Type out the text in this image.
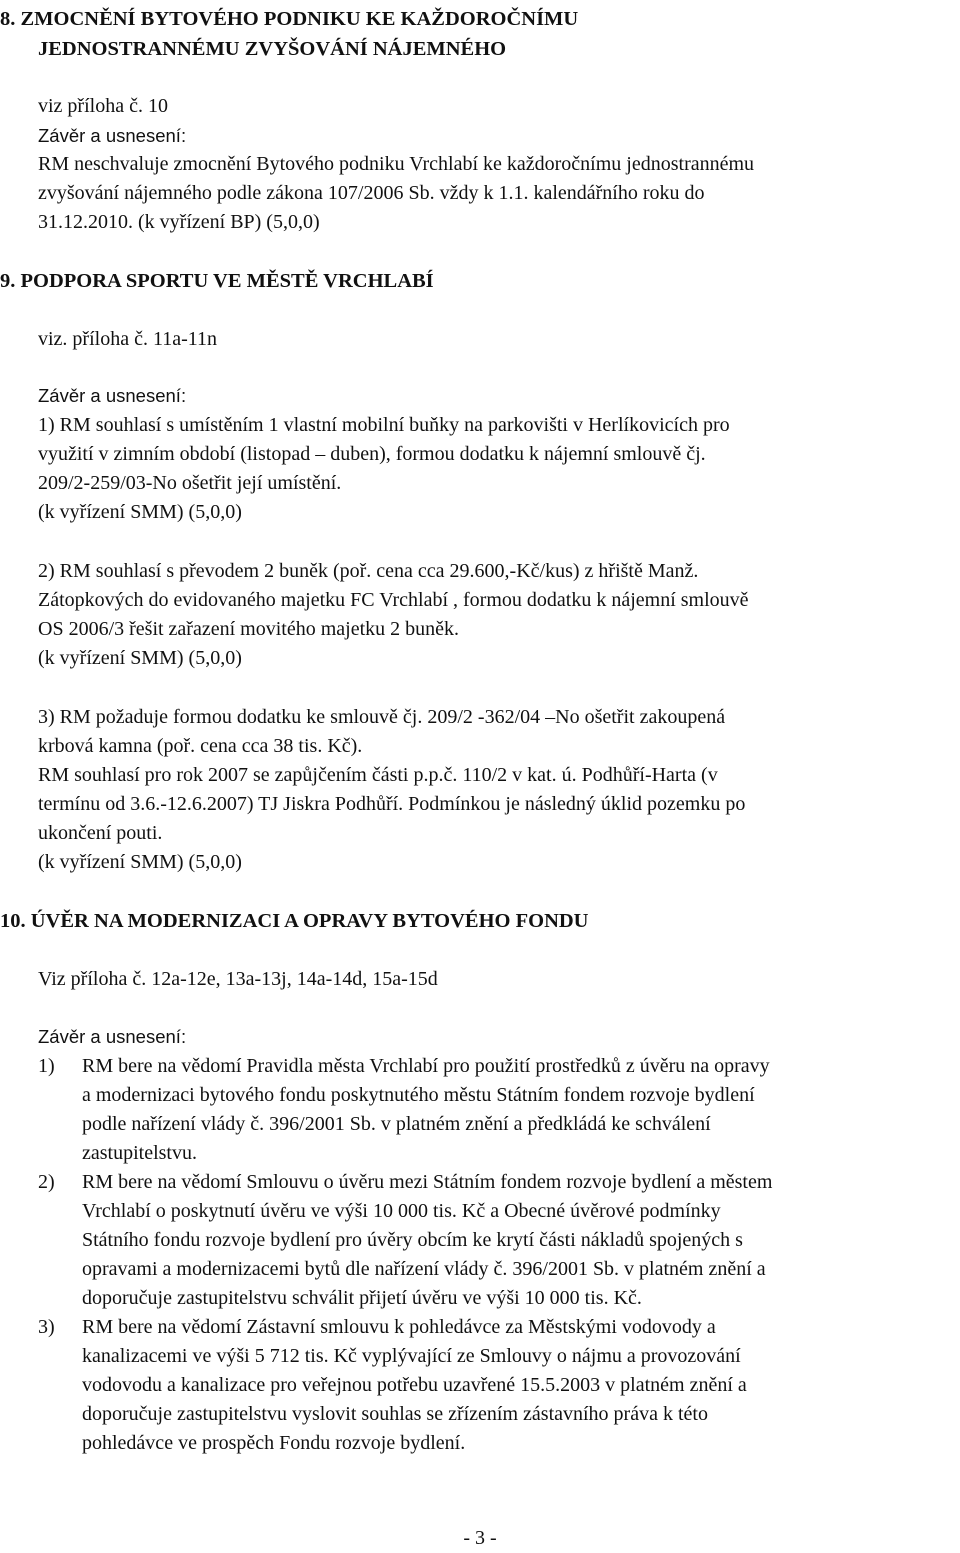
8. ZMOCNĚNÍ BYTOVÉHO PODNIKU KE KAŽDOROČNÍMU
JEDNOSTRANNÉMU ZVYŠOVÁNÍ NÁJEMNÉHO
viz příloha č. 10
Závěr a usnesení:
RM neschvaluje zmocnění Bytového podniku Vrchlabí ke každoročnímu jednostrannému
zvyšování nájemného podle zákona 107/2006 Sb. vždy k 1.1. kalendářního roku do
31.12.2010. (k vyřízení BP) (5,0,0)
9. PODPORA SPORTU VE MĚSTĚ VRCHLABÍ
viz. příloha č. 11a-11n
Závěr a usnesení:
1) RM souhlasí s umístěním 1 vlastní mobilní buňky na parkovišti v Herlíkovicích pro
využití v zimním období (listopad – duben), formou dodatku k nájemní smlouvě čj.
209/2-259/03-No ošetřit její umístění.
(k vyřízení SMM) (5,0,0)
2) RM souhlasí s převodem 2 buněk (poř. cena cca 29.600,-Kč/kus) z hřiště Manž.
Zátopkových do evidovaného majetku FC Vrchlabí , formou dodatku k nájemní smlouvě
OS 2006/3 řešit zařazení movitého majetku 2 buněk.
(k vyřízení SMM) (5,0,0)
3) RM požaduje formou dodatku ke smlouvě čj. 209/2 -362/04 –No ošetřit zakoupená
krbová kamna (poř. cena cca 38 tis. Kč).
RM souhlasí pro rok 2007 se zapůjčením části p.p.č. 110/2 v kat. ú. Podhůří-Harta (v
termínu od 3.6.-12.6.2007) TJ Jiskra Podhůří. Podmínkou je následný úklid pozemku po
ukončení pouti.
(k vyřízení SMM) (5,0,0)
10. ÚVĚR NA MODERNIZACI A OPRAVY BYTOVÉHO FONDU
Viz příloha č. 12a-12e, 13a-13j, 14a-14d, 15a-15d
Závěr a usnesení:
1) RM bere na vědomí Pravidla města Vrchlabí pro použití prostředků z úvěru na opravy
a modernizaci bytového fondu poskytnutého městu Státním fondem rozvoje bydlení
podle nařízení vlády č. 396/2001 Sb. v platném znění a předkládá ke schválení
zastupitelstvu.
2) RM bere na vědomí Smlouvu o úvěru mezi Státním fondem rozvoje bydlení a městem
Vrchlabí o poskytnutí úvěru ve výši 10 000 tis. Kč a Obecné úvěrové podmínky
Státního fondu rozvoje bydlení pro úvěry obcím ke krytí části nákladů spojených s
opravami a modernizacemi bytů dle nařízení vlády č. 396/2001 Sb. v platném znění a
doporučuje zastupitelstvu schválit přijetí úvěru ve výši 10 000 tis. Kč.
3) RM bere na vědomí Zástavní smlouvu k pohledávce za Městskými vodovody a
kanalizacemi ve výši 5 712 tis. Kč vyplývající ze Smlouvy o nájmu a provozování
vodovodu a kanalizace pro veřejnou potřebu uzavřené 15.5.2003 v platném znění a
doporučuje zastupitelstvu vyslovit souhlas se zřízením zástavního práva k této
pohledávce ve prospěch Fondu rozvoje bydlení.
- 3 -
